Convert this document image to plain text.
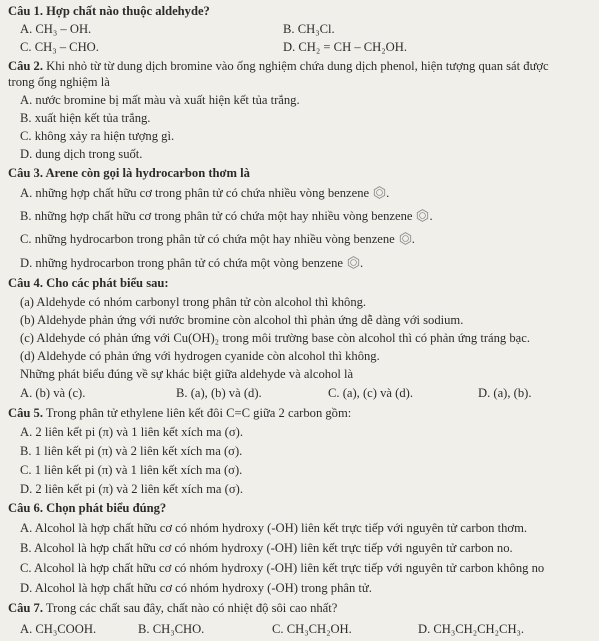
Câu 1. Hợp chất nào thuộc aldehyde?
A. CH₃ – OH.	B. CH₃Cl.
C. CH₃ – CHO.	D. CH₂ = CH – CH₂OH.
Câu 2. Khi nhỏ từ từ dung dịch bromine vào ống nghiệm chứa dung dịch phenol, hiện tượng quan sát được
trong ống nghiệm là
A. nước bromine bị mất màu và xuất hiện kết tủa trắng.
B. xuất hiện kết tủa trắng.
C. không xảy ra hiện tượng gì.
D. dung dịch trong suốt.
Câu 3. Arene còn gọi là hydrocarbon thơm là
A. những hợp chất hữu cơ trong phân tử có chứa nhiều vòng benzene .
B. những hợp chất hữu cơ trong phân tử có chứa một hay nhiều vòng benzene .
C. những hydrocarbon trong phân tử có chứa một hay nhiều vòng benzene .
D. những hydrocarbon trong phân tử có chứa một vòng benzene .
Câu 4. Cho các phát biểu sau:
(a) Aldehyde có nhóm carbonyl trong phân tử còn alcohol thì không.
(b) Aldehyde phản ứng với nước bromine còn alcohol thì phản ứng dễ dàng với sodium.
(c) Aldehyde có phản ứng với Cu(OH)₂ trong môi trường base còn alcohol thì có phản ứng tráng bạc.
(d) Aldehyde có phản ứng với hydrogen cyanide còn alcohol thì không.
Những phát biểu đúng về sự khác biệt giữa aldehyde và alcohol là
A. (b) và (c).	B. (a), (b) và (d).	C. (a), (c) và (d).	D. (a), (b).
Câu 5. Trong phân tử ethylene liên kết đôi C=C giữa 2 carbon gồm:
A. 2 liên kết pi (π) và 1 liên kết xích ma (σ).
B. 1 liên kết pi (π) và 2 liên kết xích ma (σ).
C. 1 liên kết pi (π) và 1 liên kết xích ma (σ).
D. 2 liên kết pi (π) và 2 liên kết xích ma (σ).
Câu 6. Chọn phát biểu đúng?
A. Alcohol là hợp chất hữu cơ có nhóm hydroxy (-OH) liên kết trực tiếp với nguyên tử carbon thơm.
B. Alcohol là hợp chất hữu cơ có nhóm hydroxy (-OH) liên kết trực tiếp với nguyên tử carbon no.
C. Alcohol là hợp chất hữu cơ có nhóm hydroxy (-OH) liên kết trực tiếp với nguyên tử carbon không no
D. Alcohol là hợp chất hữu cơ có nhóm hydroxy (-OH) trong phân tử.
Câu 7. Trong các chất sau đây, chất nào có nhiệt độ sôi cao nhất?
A. CH₃COOH.	B. CH₃CHO.	C. CH₃CH₂OH.	D. CH₃CH₂CH₂CH₃.
